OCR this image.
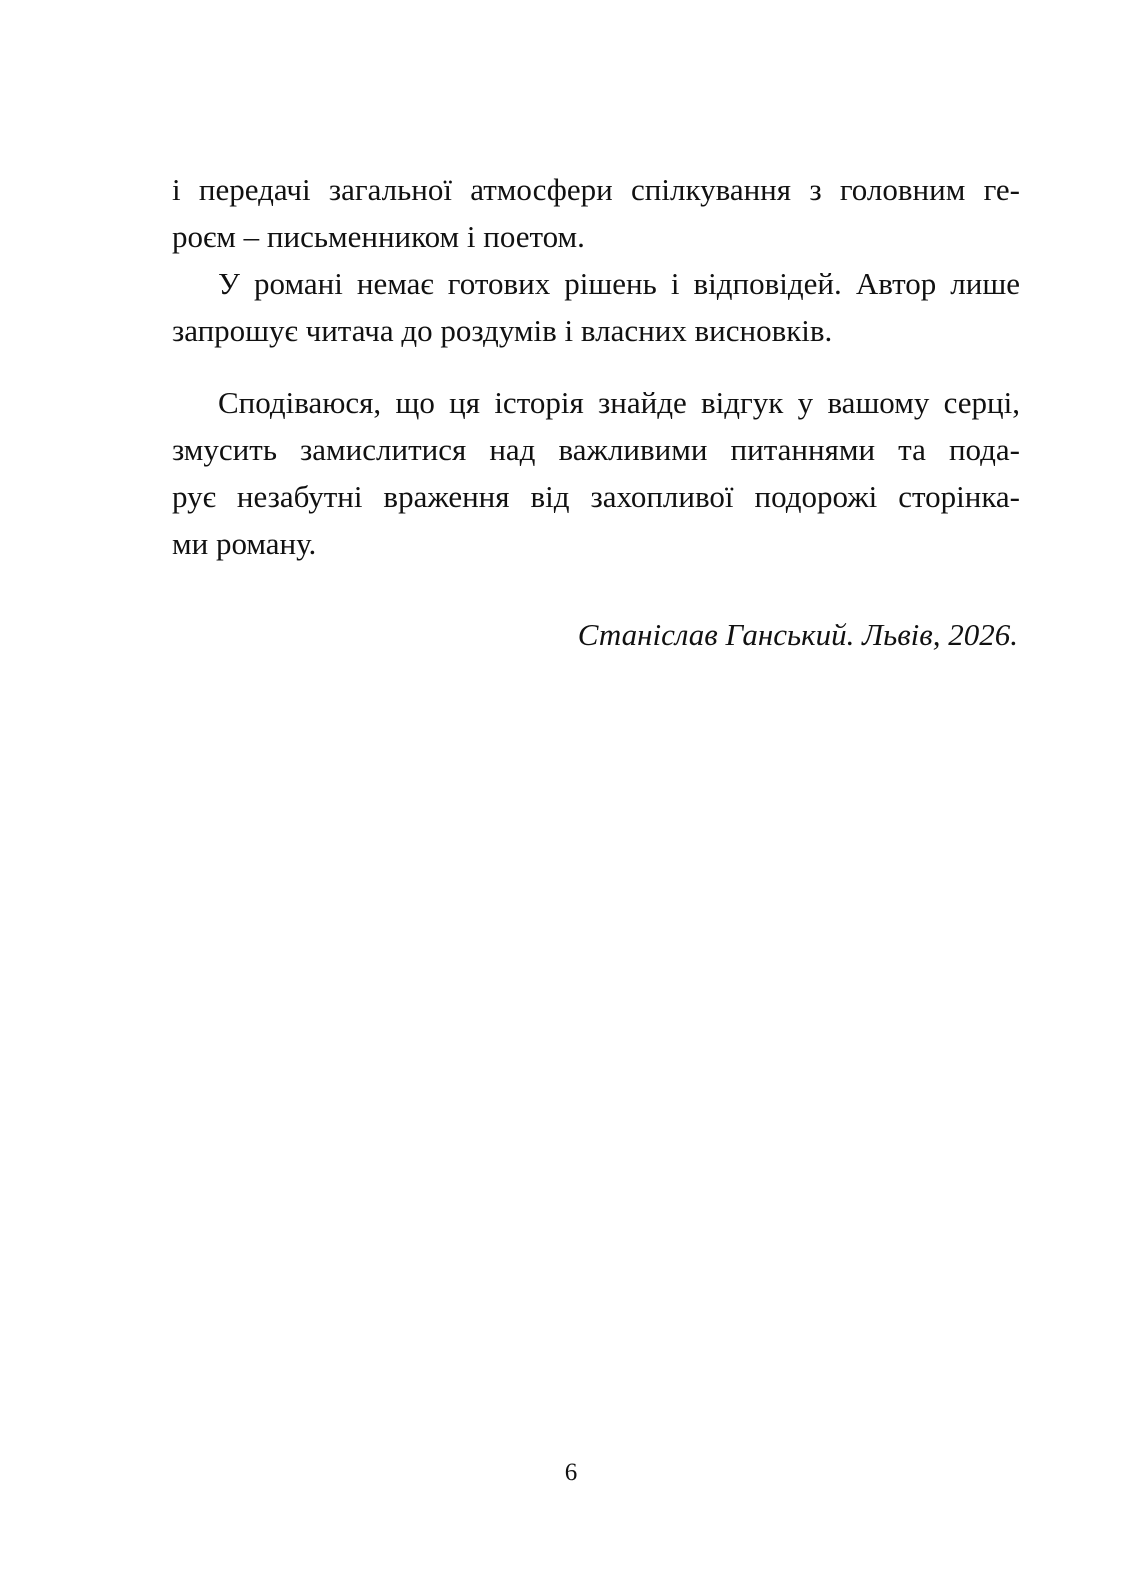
і передачі загальної атмосфери спілкування з головним ге-
роєм – письменником і поетом.
У романі немає готових рішень і відповідей. Автор лише
запрошує читача до роздумів і власних висновків.
Сподіваюся, що ця історія знайде відгук у вашому серці,
змусить замислитися над важливими питаннями та пода-
рує незабутні враження від захопливої подорожі сторінка-
ми роману.
Станіслав Ганський. Львів, 2026.
6
